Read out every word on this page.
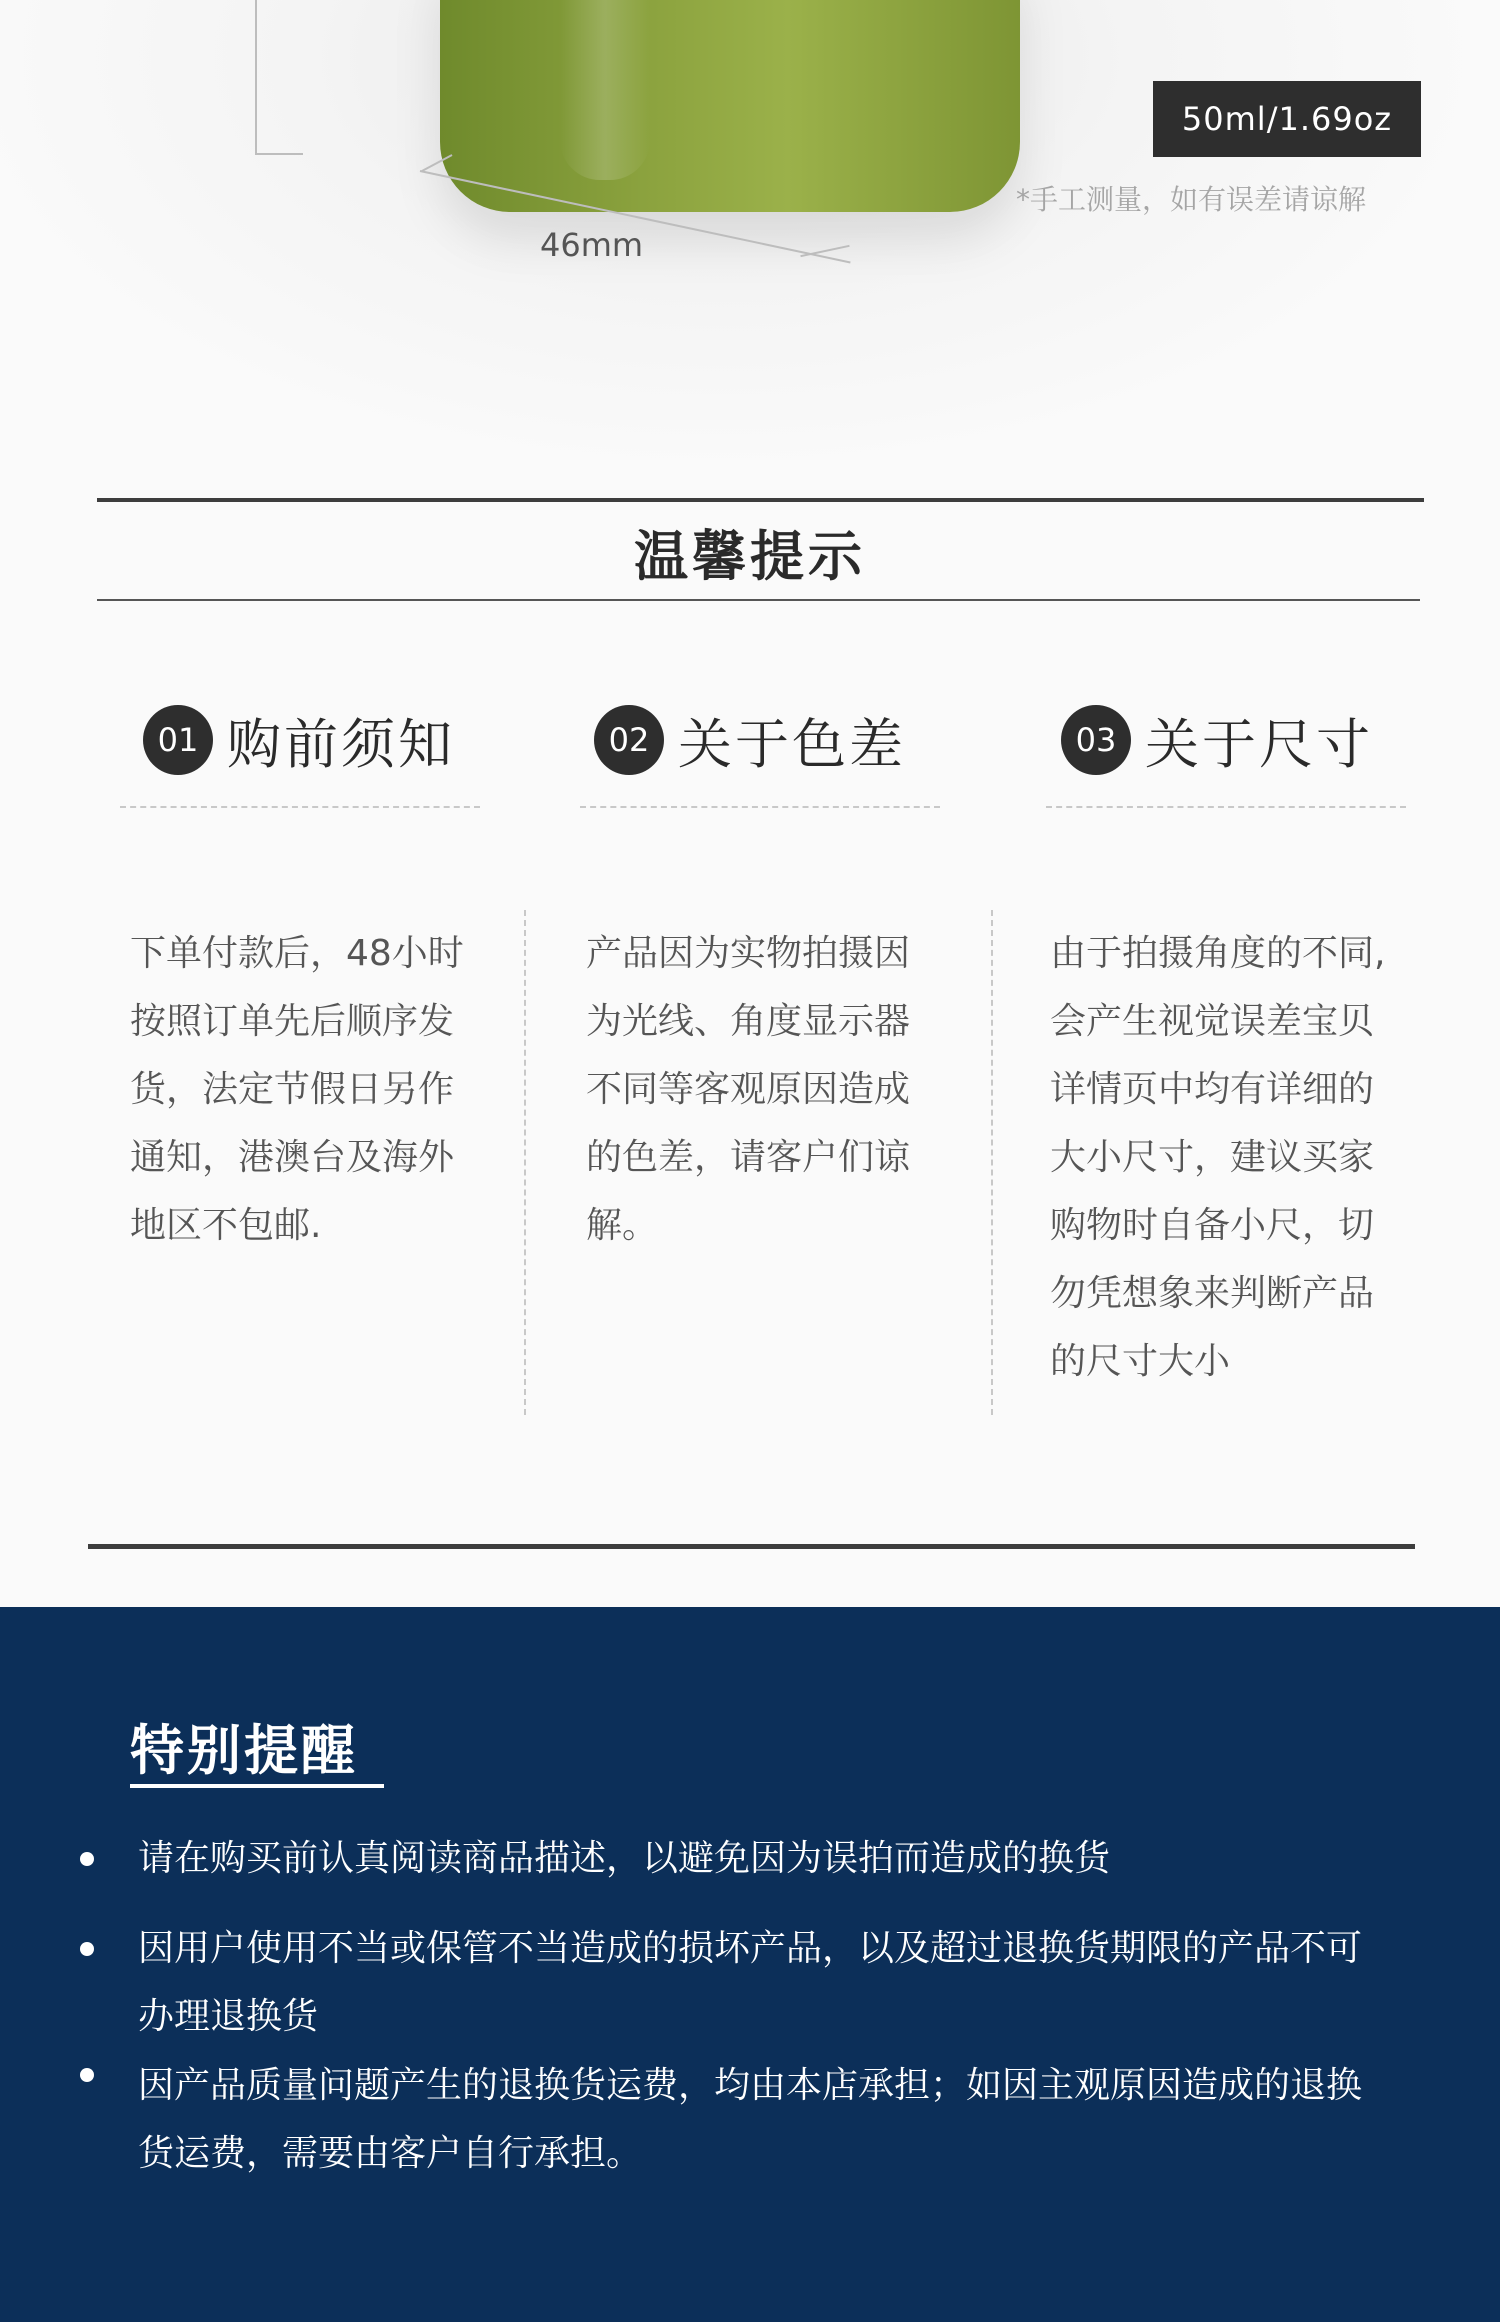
46mm
50ml/1.69oz
*手工测量，如有误差请谅解
温馨提示
01 购前须知
下单付款后，48小时
按照订单先后顺序发
货，法定节假日另作
通知，港澳台及海外
地区不包邮.
02 关于色差
产品因为实物拍摄因
为光线、角度显示器
不同等客观原因造成
的色差，请客户们谅
解。
03 关于尺寸
由于拍摄角度的不同,
会产生视觉误差宝贝
详情页中均有详细的
大小尺寸，建议买家
购物时自备小尺，切
勿凭想象来判断产品
的尺寸大小
特别提醒
请在购买前认真阅读商品描述，以避免因为误拍而造成的换货
因用户使用不当或保管不当造成的损坏产品，以及超过退换货期限的产品不可
办理退换货
因产品质量问题产生的退换货运费，均由本店承担；如因主观原因造成的退换
货运费，需要由客户自行承担。
